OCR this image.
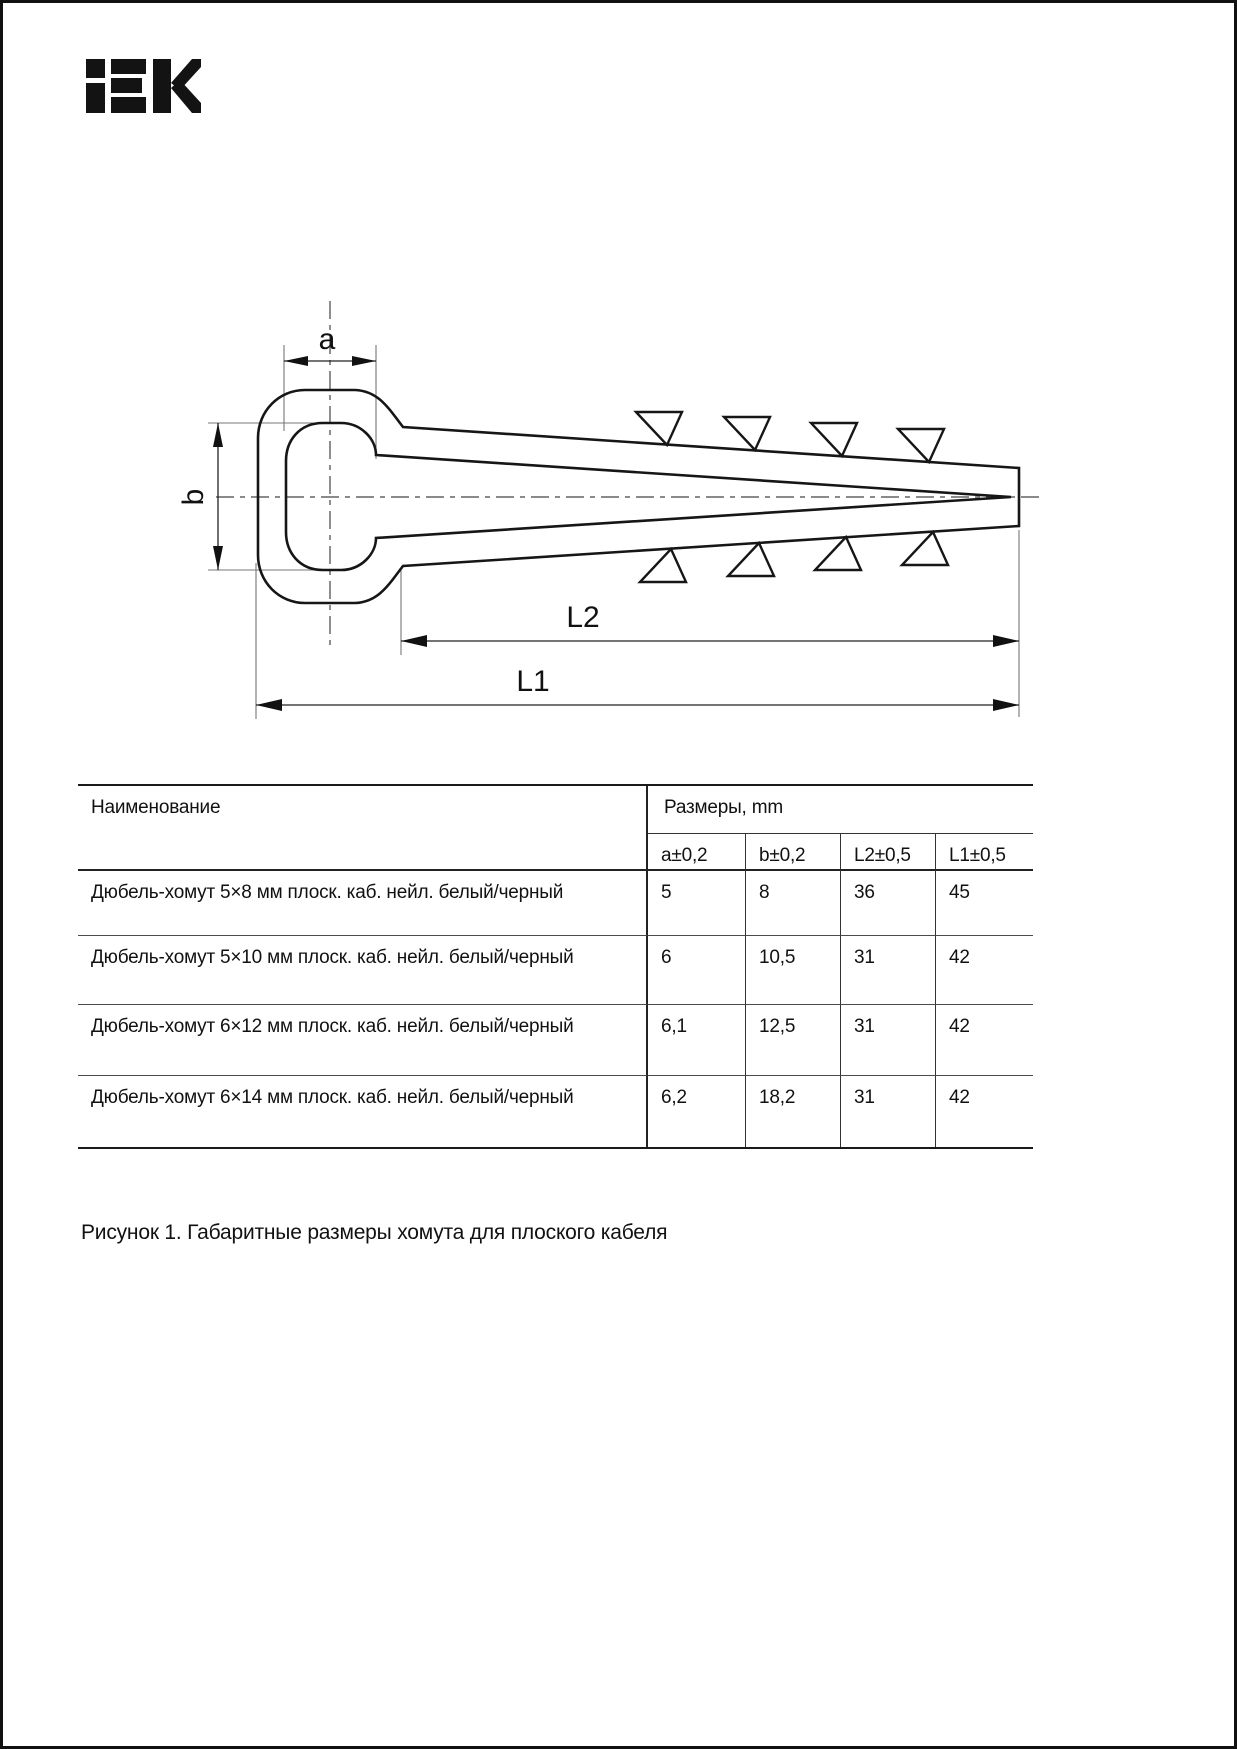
a
b
L2
L1
Наименование	Размеры, mm
a±0,2	b±0,2	L2±0,5	L1±0,5
Дюбель-хомут 5×8 мм плоск. каб. нейл. белый/черный	5	8	36	45
Дюбель-хомут 5×10 мм плоск. каб. нейл. белый/черный	6	10,5	31	42
Дюбель-хомут 6×12 мм плоск. каб. нейл. белый/черный	6,1	12,5	31	42
Дюбель-хомут 6×14 мм плоск. каб. нейл. белый/черный	6,2	18,2	31	42
Рисунок 1. Габаритные размеры хомута для плоского кабеля
